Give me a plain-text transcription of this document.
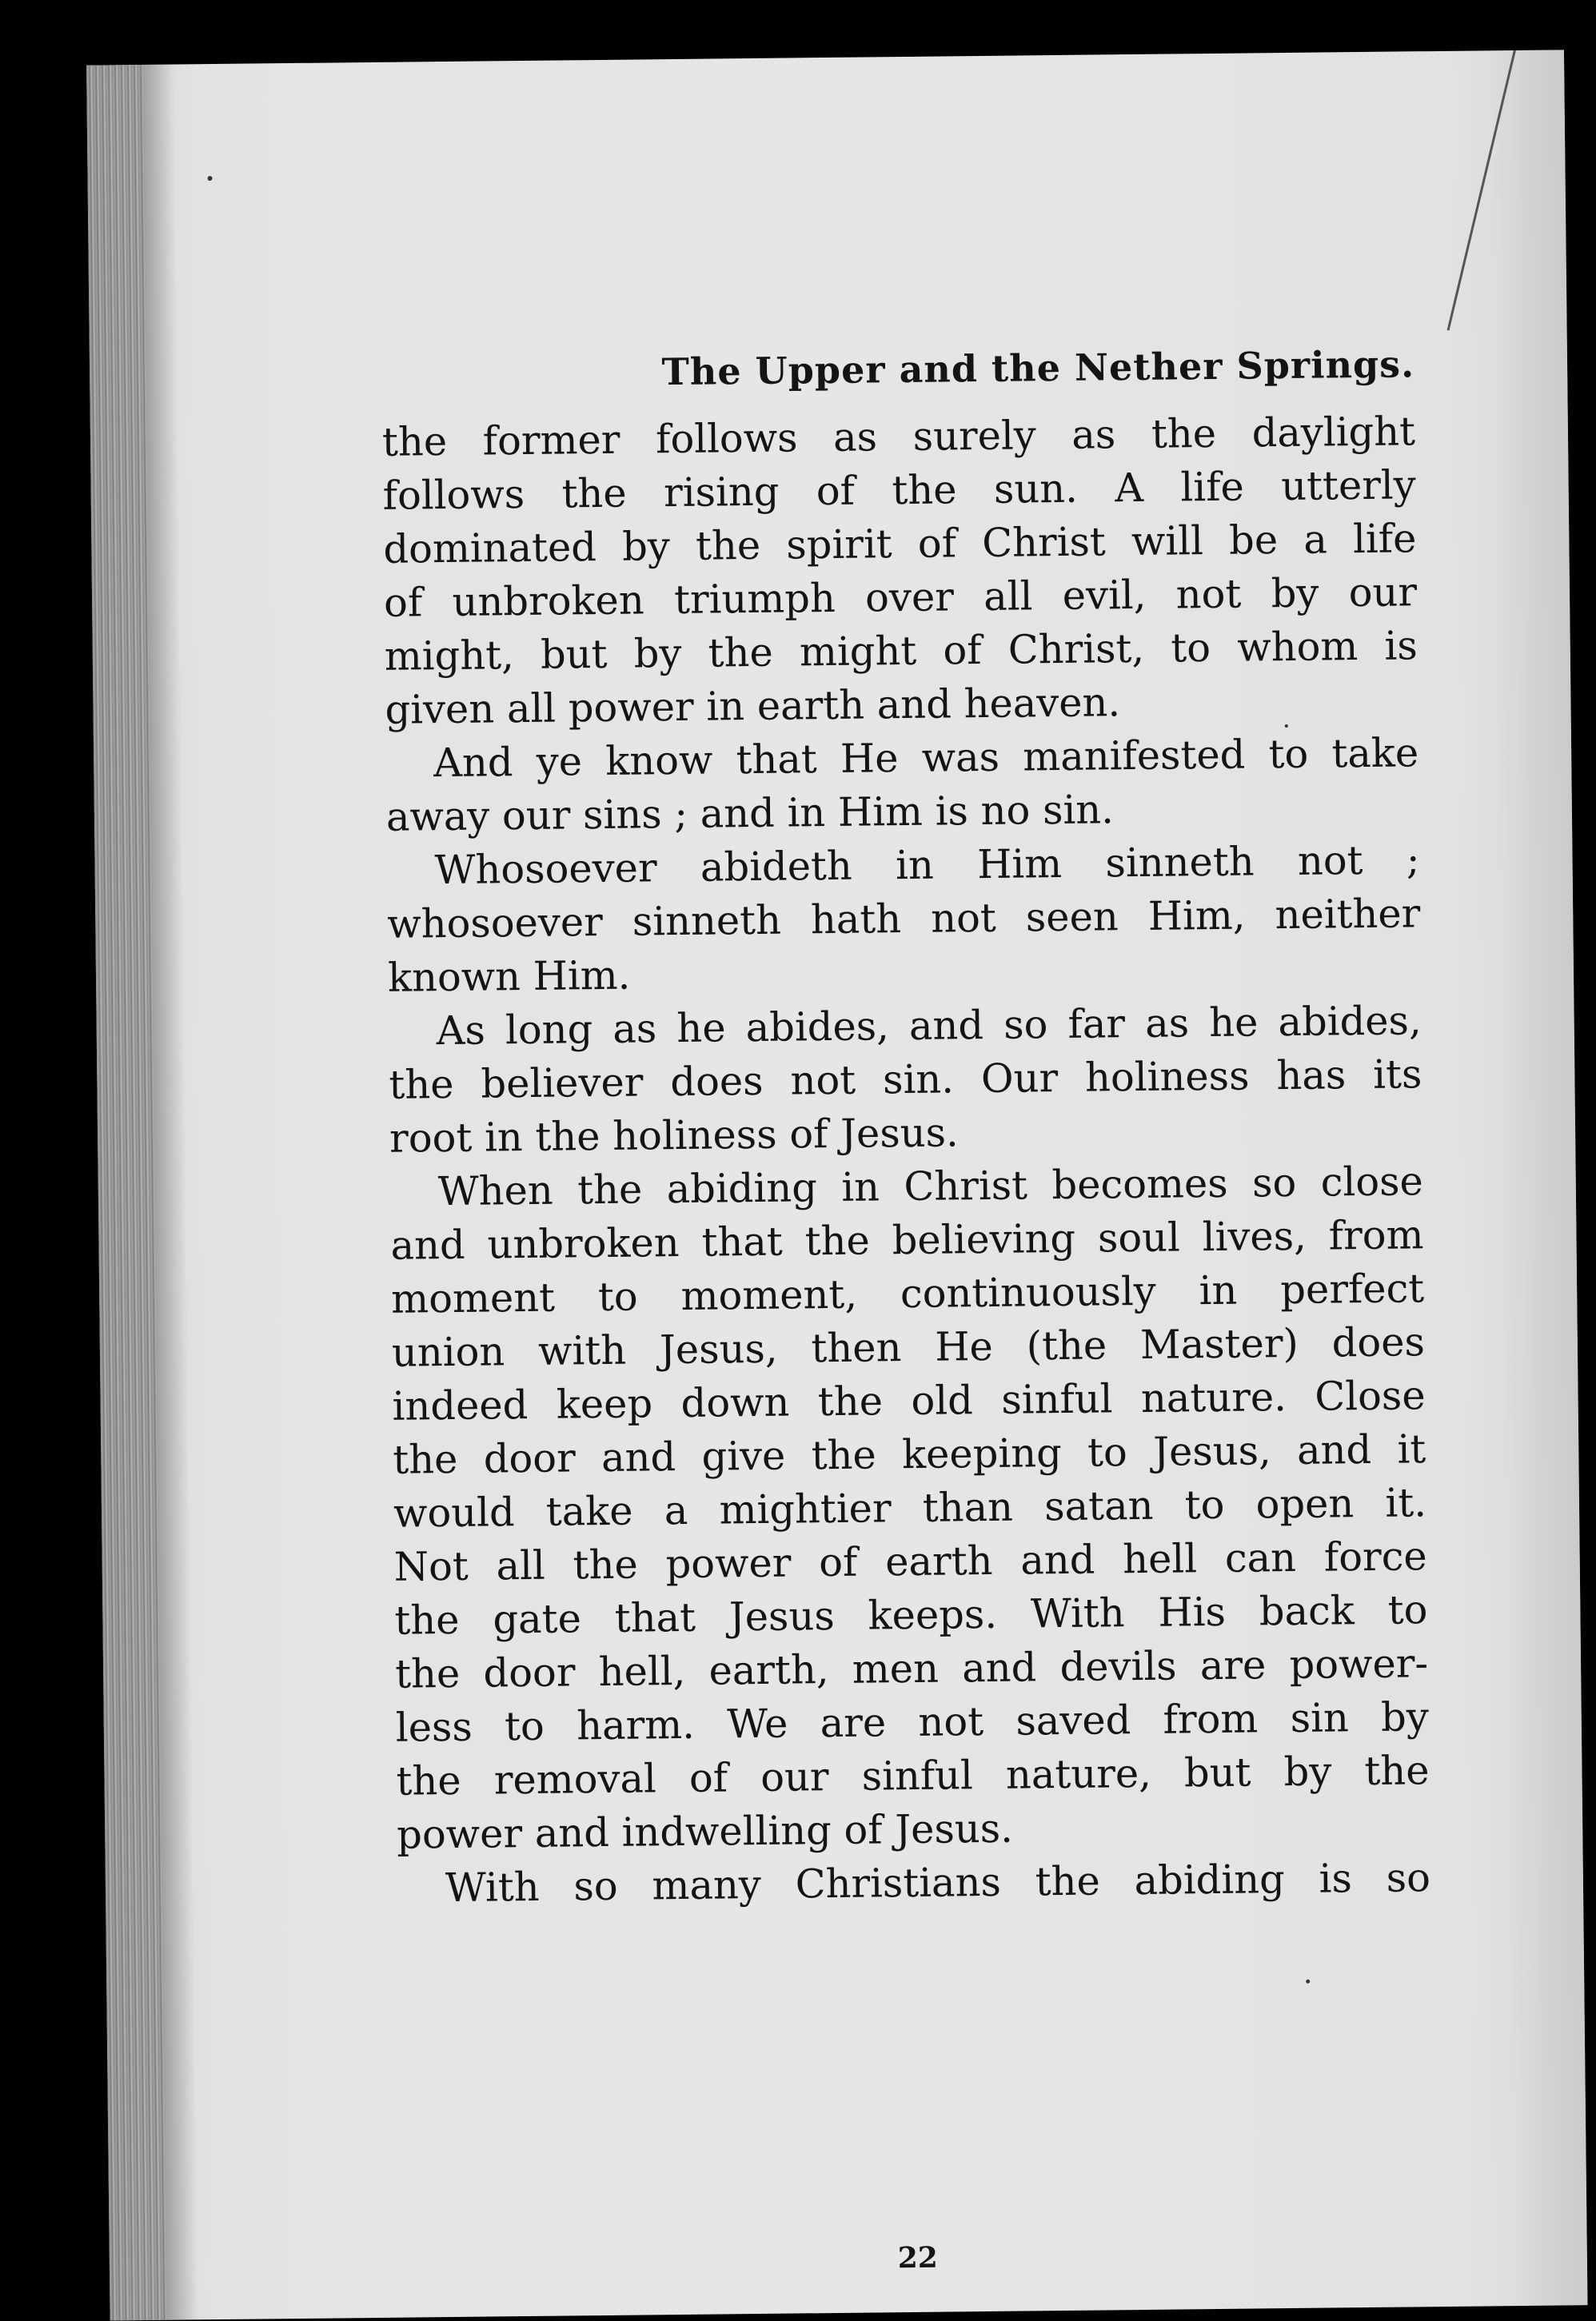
The Upper and the Nether Springs.
the former follows as surely as the daylight
follows the rising of the sun. A life utterly
dominated by the spirit of Christ will be a life
of unbroken triumph over all evil, not by our
might, but by the might of Christ, to whom is
given all power in earth and heaven.
And ye know that He was manifested to take
away our sins ; and in Him is no sin.
Whosoever abideth in Him sinneth not ;
whosoever sinneth hath not seen Him, neither
known Him.
As long as he abides, and so far as he abides,
the believer does not sin. Our holiness has its
root in the holiness of Jesus.
When the abiding in Christ becomes so close
and unbroken that the believing soul lives, from
moment to moment, continuously in perfect
union with Jesus, then He (the Master) does
indeed keep down the old sinful nature. Close
the door and give the keeping to Jesus, and it
would take a mightier than satan to open it.
Not all the power of earth and hell can force
the gate that Jesus keeps. With His back to
the door hell, earth, men and devils are power-
less to harm. We are not saved from sin by
the removal of our sinful nature, but by the
power and indwelling of Jesus.
With so many Christians the abiding is so
22
